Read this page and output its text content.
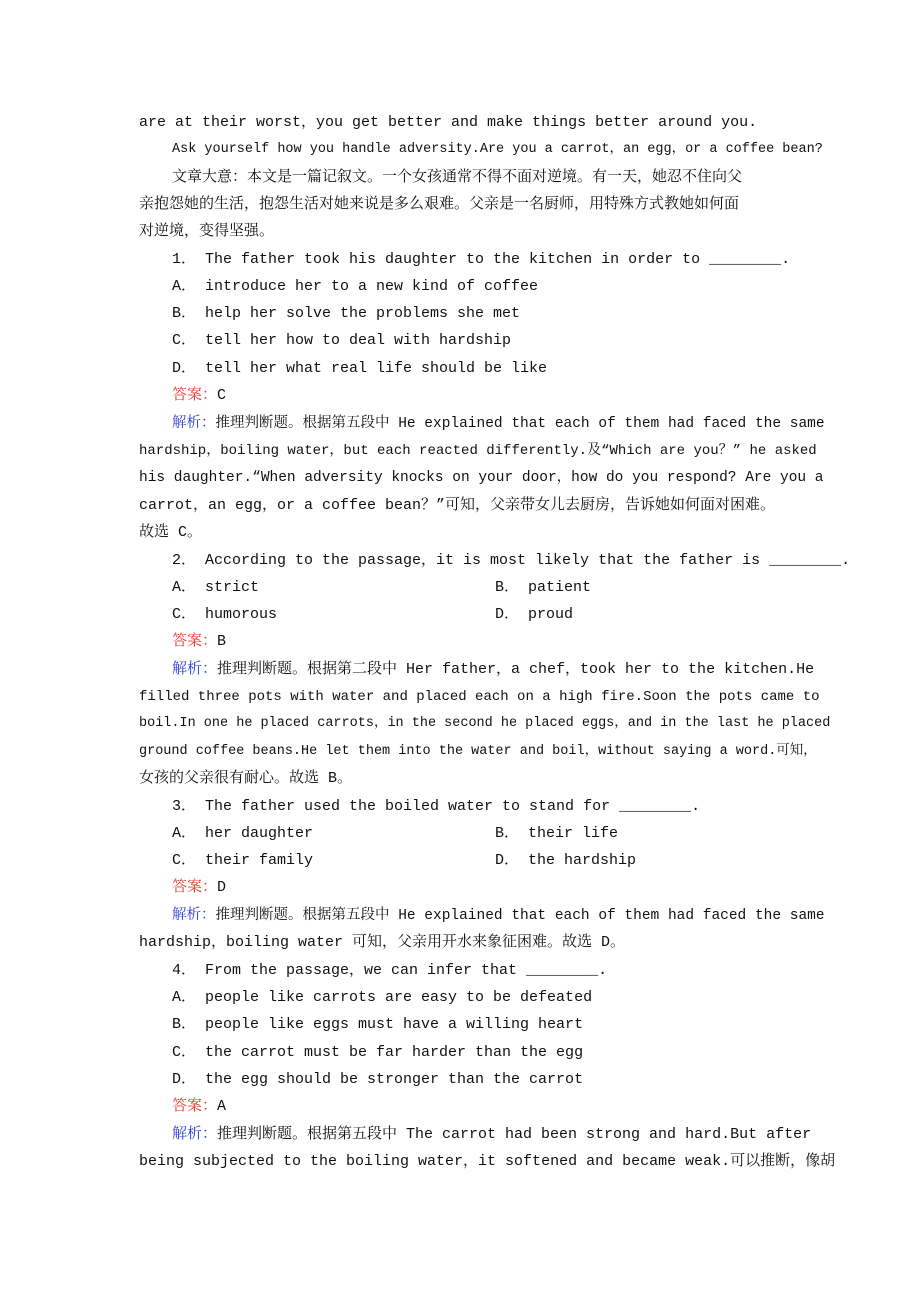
are at their worst，you get better and make things better around you.
Ask yourself how you handle adversity.Are you a carrot，an egg，or a coffee bean?
文章大意：本文是一篇记叙文。一个女孩通常不得不面对逆境。有一天，她忍不住向父
亲抱怨她的生活，抱怨生活对她来说是多么艰难。父亲是一名厨师，用特殊方式教她如何面
对逆境，变得坚强。
1． The father took his daughter to the kitchen in order to ________.
A． introduce her to a new kind of coffee
B． help her solve the problems she met
C． tell her how to deal with hardship
D． tell her what real life should be like
答案：C
解析：推理判断题。根据第五段中 He explained that each of them had faced the same
hardship，boiling water，but each reacted differently.及“Which are you？” he asked
his daughter.“When adversity knocks on your door，how do you respond? Are you a
carrot，an egg，or a coffee bean？”可知，父亲带女儿去厨房，告诉她如何面对困难。
故选 C。
2． According to the passage，it is most likely that the father is ________.
A． strict	B． patient
C． humorous	D． proud
答案：B
解析：推理判断题。根据第二段中 Her father，a chef，took her to the kitchen.He
filled three pots with water and placed each on a high fire.Soon the pots came to
boil.In one he placed carrots，in the second he placed eggs，and in the last he placed
ground coffee beans.He let them into the water and boil，without saying a word.可知，
女孩的父亲很有耐心。故选 B。
3． The father used the boiled water to stand for ________.
A． her daughter	B． their life
C． their family	D． the hardship
答案：D
解析：推理判断题。根据第五段中 He explained that each of them had faced the same
hardship，boiling water 可知，父亲用开水来象征困难。故选 D。
4． From the passage，we can infer that ________.
A． people like carrots are easy to be defeated
B． people like eggs must have a willing heart
C． the carrot must be far harder than the egg
D． the egg should be stronger than the carrot
答案：A
解析：推理判断题。根据第五段中 The carrot had been strong and hard.But after
being subjected to the boiling water，it softened and became weak.可以推断，像胡
